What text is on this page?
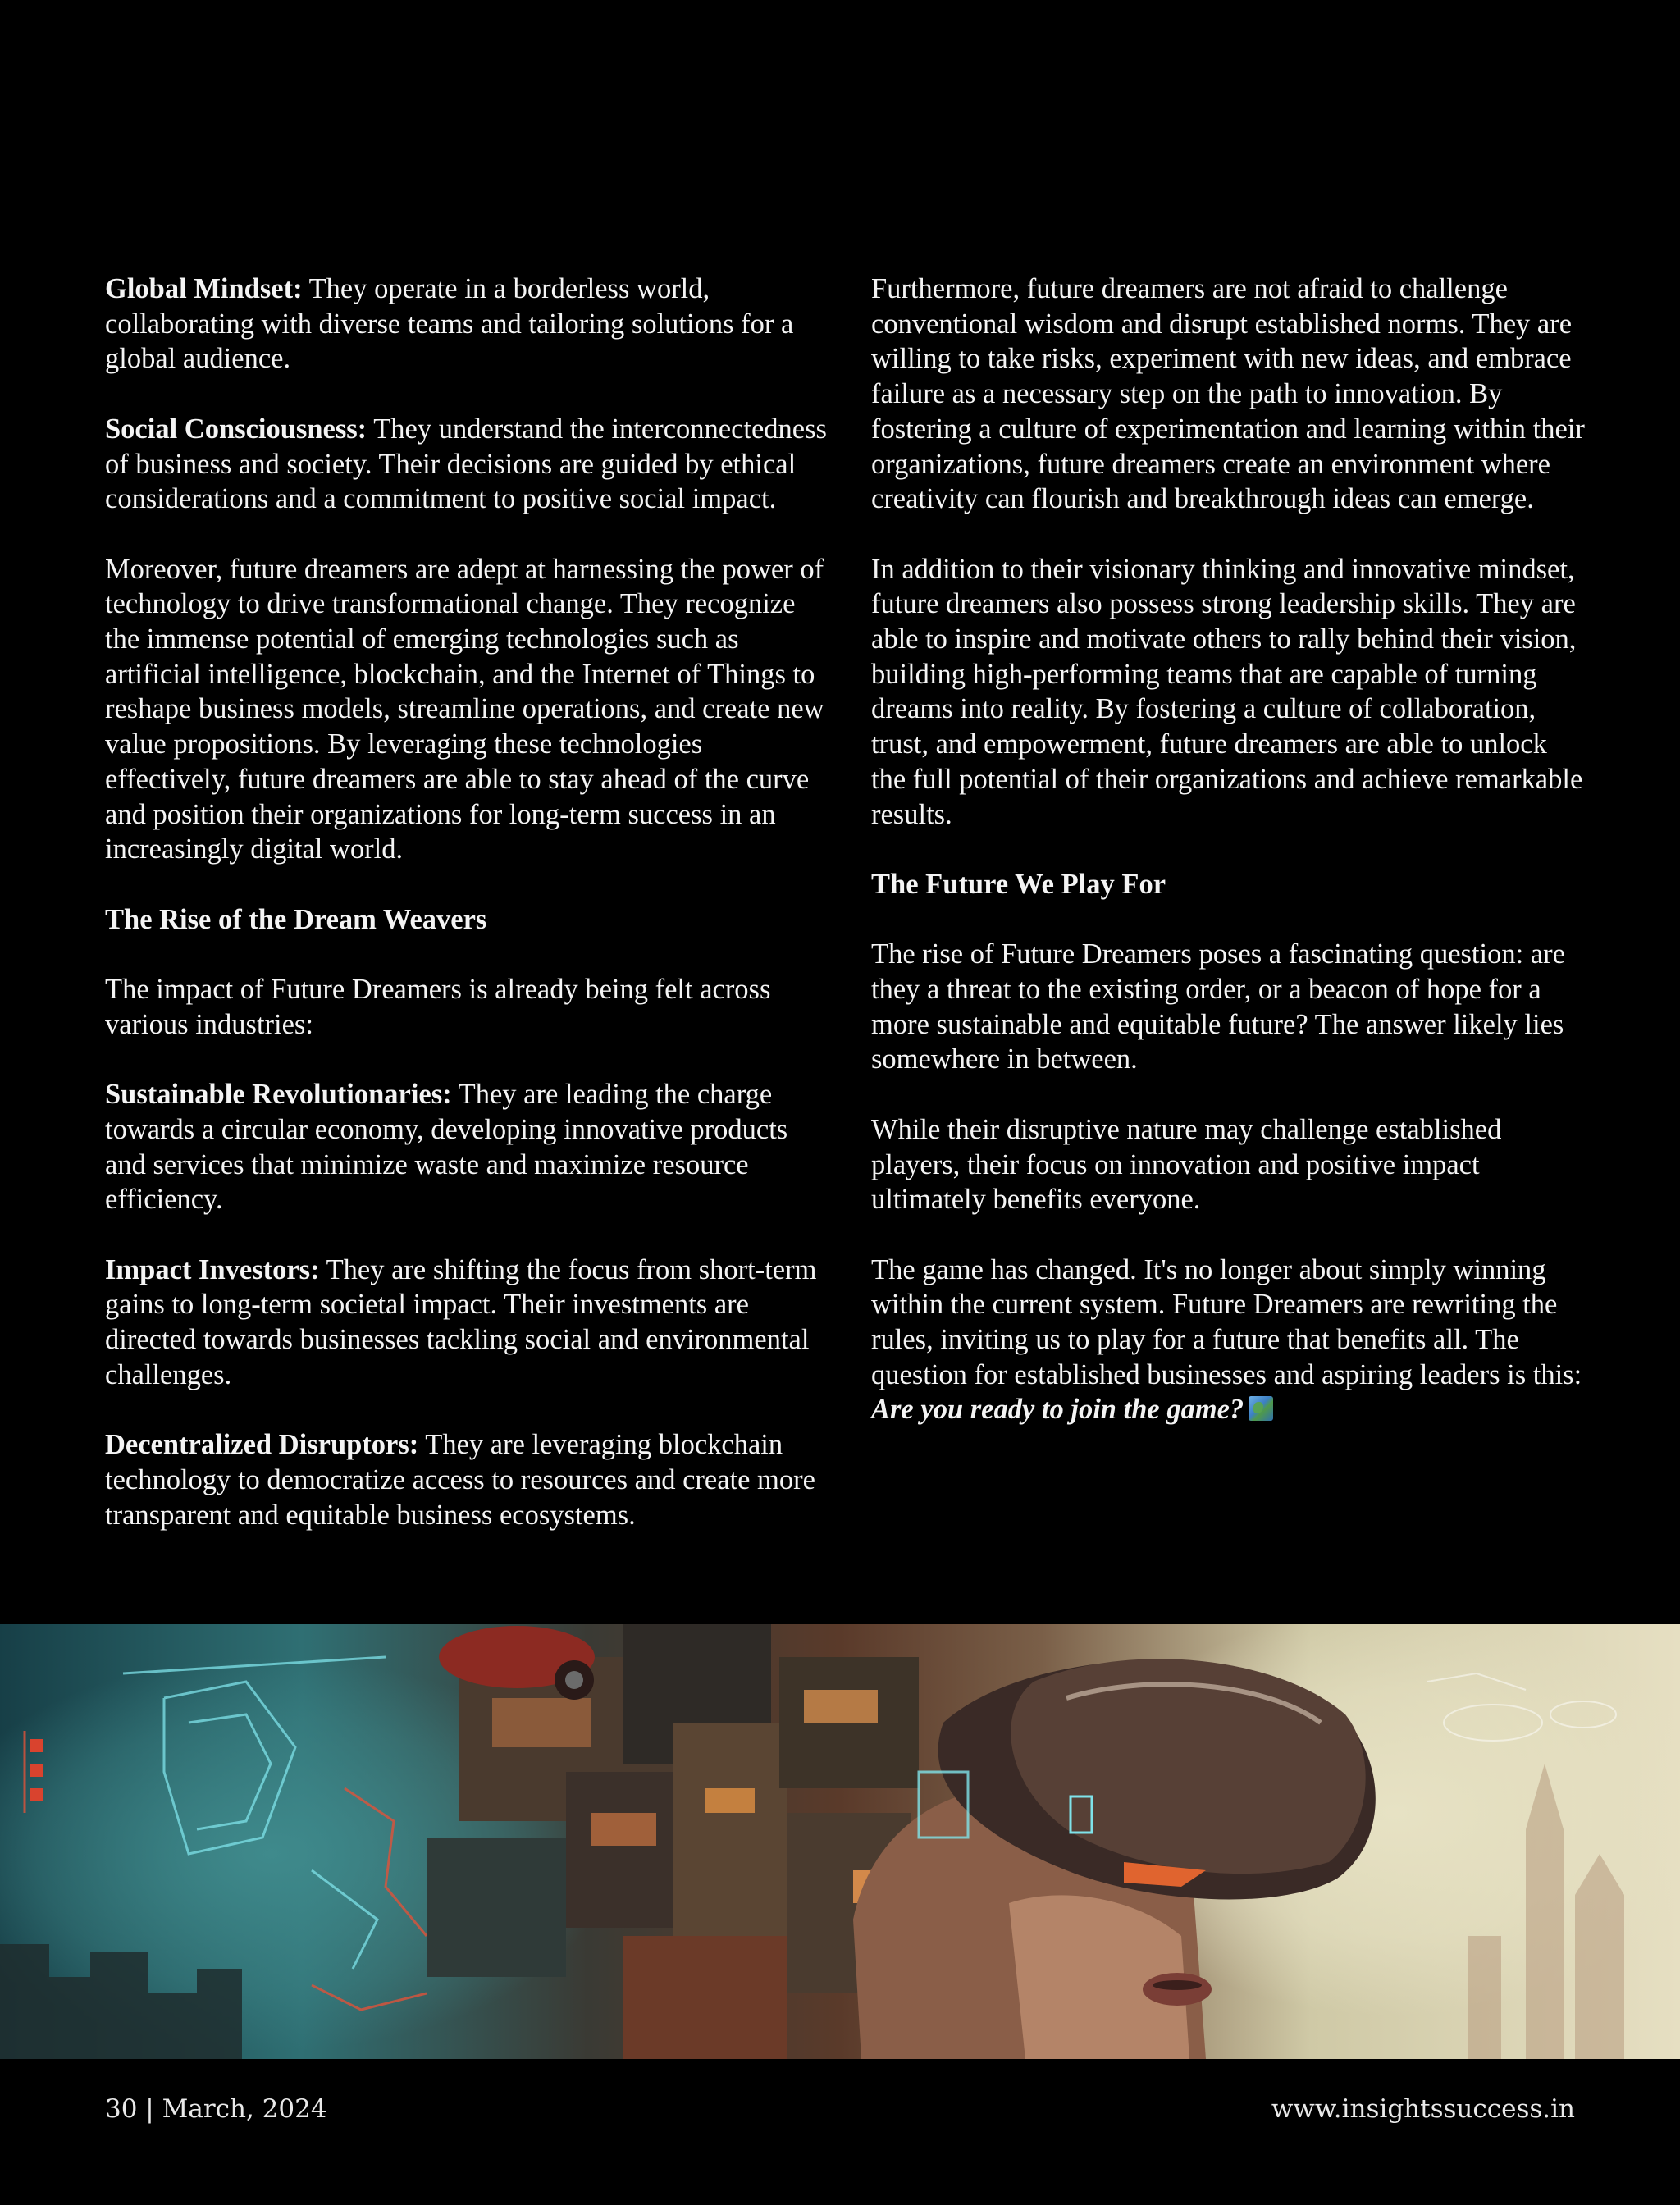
Global Mindset: They operate in a borderless world, collaborating with diverse teams and tailoring solutions for a global audience.

Social Consciousness: They understand the interconnectedness of business and society. Their decisions are guided by ethical considerations and a commitment to positive social impact.

Moreover, future dreamers are adept at harnessing the power of technology to drive transformational change. They recognize the immense potential of emerging technologies such as artificial intelligence, blockchain, and the Internet of Things to reshape business models, streamline operations, and create new value propositions. By leveraging these technologies effectively, future dreamers are able to stay ahead of the curve and position their organizations for long-term success in an increasingly digital world.

The Rise of the Dream Weavers

The impact of Future Dreamers is already being felt across various industries:

Sustainable Revolutionaries: They are leading the charge towards a circular economy, developing innovative products and services that minimize waste and maximize resource efficiency.

Impact Investors: They are shifting the focus from short-term gains to long-term societal impact. Their investments are directed towards businesses tackling social and environmental challenges.

Decentralized Disruptors: They are leveraging blockchain technology to democratize access to resources and create more transparent and equitable business ecosystems.

Furthermore, future dreamers are not afraid to challenge conventional wisdom and disrupt established norms. They are willing to take risks, experiment with new ideas, and embrace failure as a necessary step on the path to innovation. By fostering a culture of experimentation and learning within their organizations, future dreamers create an environment where creativity can flourish and breakthrough ideas can emerge.

In addition to their visionary thinking and innovative mindset, future dreamers also possess strong leadership skills. They are able to inspire and motivate others to rally behind their vision, building high-performing teams that are capable of turning dreams into reality. By fostering a culture of collaboration, trust, and empowerment, future dreamers are able to unlock the full potential of their organizations and achieve remarkable results.

The Future We Play For

The rise of Future Dreamers poses a fascinating question: are they a threat to the existing order, or a beacon of hope for a more sustainable and equitable future? The answer likely lies somewhere in between.

While their disruptive nature may challenge established players, their focus on innovation and positive impact ultimately benefits everyone.

The game has changed. It's no longer about simply winning within the current system. Future Dreamers are rewriting the rules, inviting us to play for a future that benefits all. The question for established businesses and aspiring leaders is this:  Are you ready to join the game?

30 | March, 2024	www.insightssuccess.in
